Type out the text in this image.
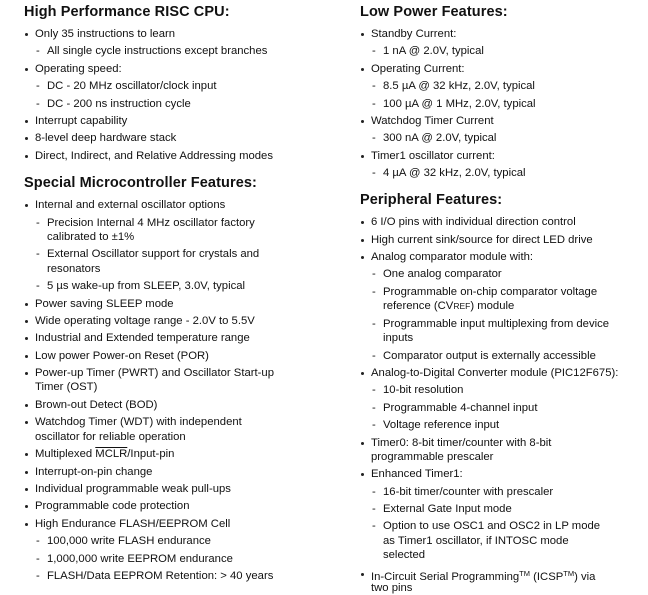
High Performance RISC CPU:

Only 35 instructions to learn

- All single cycle instructions except branches

Operating speed:

- DC - 20 MHz oscillator/clock input

- DC - 200 ns instruction cycle

Interrupt capability

8-level deep hardware stack

Direct, Indirect, and Relative Addressing modes

Special Microcontroller Features:

Internal and external oscillator options

- Precision Internal 4 MHz oscillator factory

calibrated to ±1%

- External Oscillator support for crystals and

resonators

- 5 µs wake-up from SLEEP, 3.0V, typical

Power saving SLEEP mode

Wide operating voltage range - 2.0V to 5.5V

Industrial and Extended temperature range

Low power Power-on Reset (POR)

Power-up Timer (PWRT) and Oscillator Start-up

Timer (OST)

Brown-out Detect (BOD)

Watchdog Timer (WDT) with independent

oscillator for reliable operation

Multiplexed MCLR/Input-pin

Interrupt-on-pin change

Individual programmable weak pull-ups

Programmable code protection

High Endurance FLASH/EEPROM Cell

- 100,000 write FLASH endurance

- 1,000,000 write EEPROM endurance

- FLASH/Data EEPROM Retention: > 40 years

Low Power Features:

Standby Current:

- 1 nA @ 2.0V, typical

Operating Current:

- 8.5 µA @ 32 kHz, 2.0V, typical

- 100 µA @ 1 MHz, 2.0V, typical

Watchdog Timer Current

- 300 nA @ 2.0V, typical

Timer1 oscillator current:

- 4 µA @ 32 kHz, 2.0V, typical

Peripheral Features:

6 I/O pins with individual direction control

High current sink/source for direct LED drive

Analog comparator module with:

- One analog comparator

- Programmable on-chip comparator voltage

reference (CVREF) module

- Programmable input multiplexing from device

inputs

- Comparator output is externally accessible

Analog-to-Digital Converter module (PIC12F675):

- 10-bit resolution

- Programmable 4-channel input

- Voltage reference input

Timer0: 8-bit timer/counter with 8-bit

programmable prescaler

Enhanced Timer1:

- 16-bit timer/counter with prescaler

- External Gate Input mode

- Option to use OSC1 and OSC2 in LP mode

as Timer1 oscillator, if INTOSC mode

selected

In-Circuit Serial Programming™ (ICSP™) via

two pins
